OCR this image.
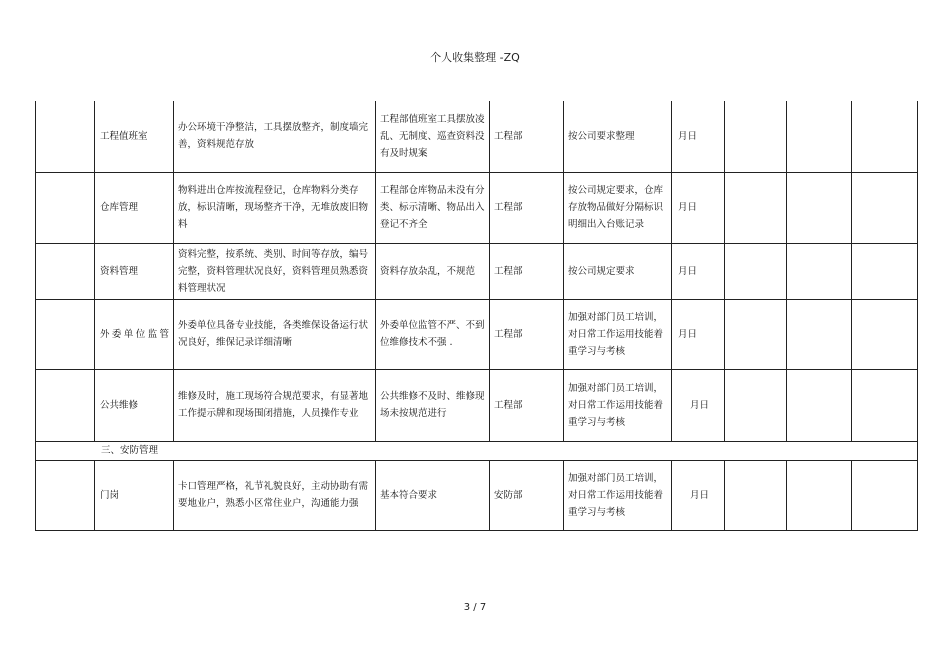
个人收集整理 -ZQ
	工程值班室	办公环境干净整洁，工具摆放整齐，制度墙完善，资料规范存放	工程部值班室工具摆放凌乱、无制度、巡查资料没有及时规案	工程部	按公司要求整理	月日			
	仓库管理	物料进出仓库按流程登记，仓库物料分类存放，标识清晰，现场整齐干净，无堆放废旧物料	工程部仓库物品未没有分类、标示清晰、物品出入登记不齐全	工程部	按公司规定要求，仓库存放物品做好分隔标识明细出入台账记录	月日			
	资料管理	资料完整，按系统、类别、时间等存放，编号完整，资料管理状况良好，资料管理员熟悉资料管理状况	资料存放杂乱，不规范	工程部	按公司规定要求	月日			
	外委单位监管	外委单位具备专业技能，各类维保设备运行状况良好，维保记录详细清晰	外委单位监管不严、不到位维修技术不强 .	工程部	加强对部门员工培训，对日常工作运用技能着重学习与考核	月日			
	公共维修	维修及时，施工现场符合规范要求，有显著地工作提示牌和现场围闭措施，人员操作专业	公共维修不及时、维修现场未按规范进行	工程部	加强对部门员工培训，对日常工作运用技能着重学习与考核	月日			
三、安防管理									
	门岗	卡口管理严格，礼节礼貌良好，主动协助有需要地业户，熟悉小区常住业户，沟通能力强	基本符合要求	安防部	加强对部门员工培训，对日常工作运用技能着重学习与考核	月日			
3 / 7
